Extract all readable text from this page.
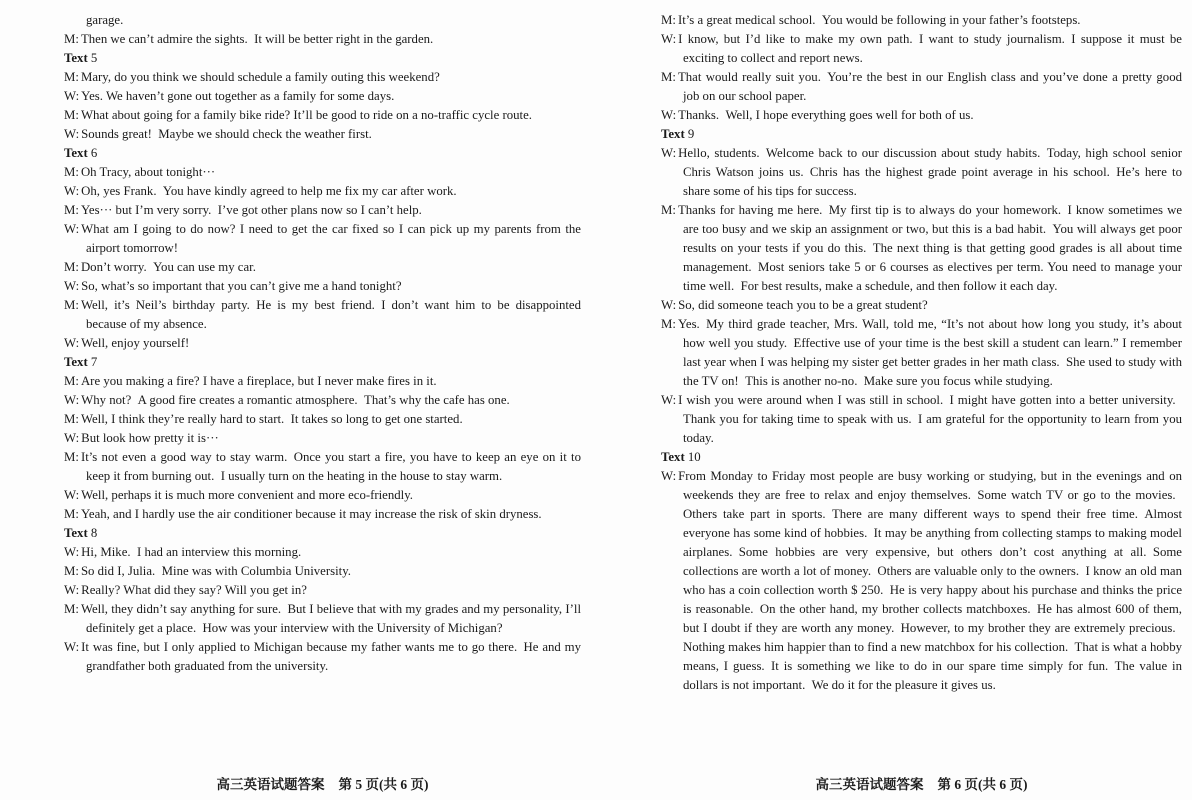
garage.

M: Then we can’t admire the sights. It will be better right in the garden.

Text 5

M: Mary, do you think we should schedule a family outing this weekend?

W: Yes. We haven’t gone out together as a family for some days.

M: What about going for a family bike ride? It’ll be good to ride on a no-traffic cycle route.

W: Sounds great! Maybe we should check the weather first.

Text 6

M: Oh Tracy, about tonight···

W: Oh, yes Frank. You have kindly agreed to help me fix my car after work.

M: Yes··· but I’m very sorry. I’ve got other plans now so I can’t help.

W: What am I going to do now? I need to get the car fixed so I can pick up my parents from the airport tomorrow!

M: Don’t worry. You can use my car.

W: So, what’s so important that you can’t give me a hand tonight?

M: Well, it’s Neil’s birthday party. He is my best friend. I don’t want him to be disappointed because of my absence.

W: Well, enjoy yourself!

Text 7

M: Are you making a fire? I have a fireplace, but I never make fires in it.

W: Why not? A good fire creates a romantic atmosphere. That’s why the cafe has one.

M: Well, I think they’re really hard to start. It takes so long to get one started.

W: But look how pretty it is···

M: It’s not even a good way to stay warm. Once you start a fire, you have to keep an eye on it to keep it from burning out. I usually turn on the heating in the house to stay warm.

W: Well, perhaps it is much more convenient and more eco-friendly.

M: Yeah, and I hardly use the air conditioner because it may increase the risk of skin dryness.

Text 8

W: Hi, Mike. I had an interview this morning.

M: So did I, Julia. Mine was with Columbia University.

W: Really? What did they say? Will you get in?

M: Well, they didn’t say anything for sure. But I believe that with my grades and my personality, I’ll definitely get a place. How was your interview with the University of Michigan?

W: It was fine, but I only applied to Michigan because my father wants me to go there. He and my grandfather both graduated from the university.

高三英语试题答案 第 5 页(共 6 页)

M: It’s a great medical school. You would be following in your father’s footsteps.

W: I know, but I’d like to make my own path. I want to study journalism. I suppose it must be exciting to collect and report news.

M: That would really suit you. You’re the best in our English class and you’ve done a pretty good job on our school paper.

W: Thanks. Well, I hope everything goes well for both of us.

Text 9

W: Hello, students. Welcome back to our discussion about study habits. Today, high school senior Chris Watson joins us. Chris has the highest grade point average in his school. He’s here to share some of his tips for success.

M: Thanks for having me here. My first tip is to always do your homework. I know sometimes we are too busy and we skip an assignment or two, but this is a bad habit. You will always get poor results on your tests if you do this. The next thing is that getting good grades is all about time management. Most seniors take 5 or 6 courses as electives per term. You need to manage your time well. For best results, make a schedule, and then follow it each day.

W: So, did someone teach you to be a great student?

M: Yes. My third grade teacher, Mrs. Wall, told me, “It’s not about how long you study, it’s about how well you study. Effective use of your time is the best skill a student can learn.” I remember last year when I was helping my sister get better grades in her math class. She used to study with the TV on! This is another no-no. Make sure you focus while studying.

W: I wish you were around when I was still in school. I might have gotten into a better university. Thank you for taking time to speak with us. I am grateful for the opportunity to learn from you today.

Text 10

W: From Monday to Friday most people are busy working or studying, but in the evenings and on weekends they are free to relax and enjoy themselves. Some watch TV or go to the movies. Others take part in sports. There are many different ways to spend their free time. Almost everyone has some kind of hobbies. It may be anything from collecting stamps to making model airplanes. Some hobbies are very expensive, but others don’t cost anything at all. Some collections are worth a lot of money. Others are valuable only to the owners. I know an old man who has a coin collection worth $ 250. He is very happy about his purchase and thinks the price is reasonable. On the other hand, my brother collects matchboxes. He has almost 600 of them, but I doubt if they are worth any money. However, to my brother they are extremely precious. Nothing makes him happier than to find a new matchbox for his collection. That is what a hobby means, I guess. It is something we like to do in our spare time simply for fun. The value in dollars is not important. We do it for the pleasure it gives us.

高三英语试题答案 第 6 页(共 6 页)
